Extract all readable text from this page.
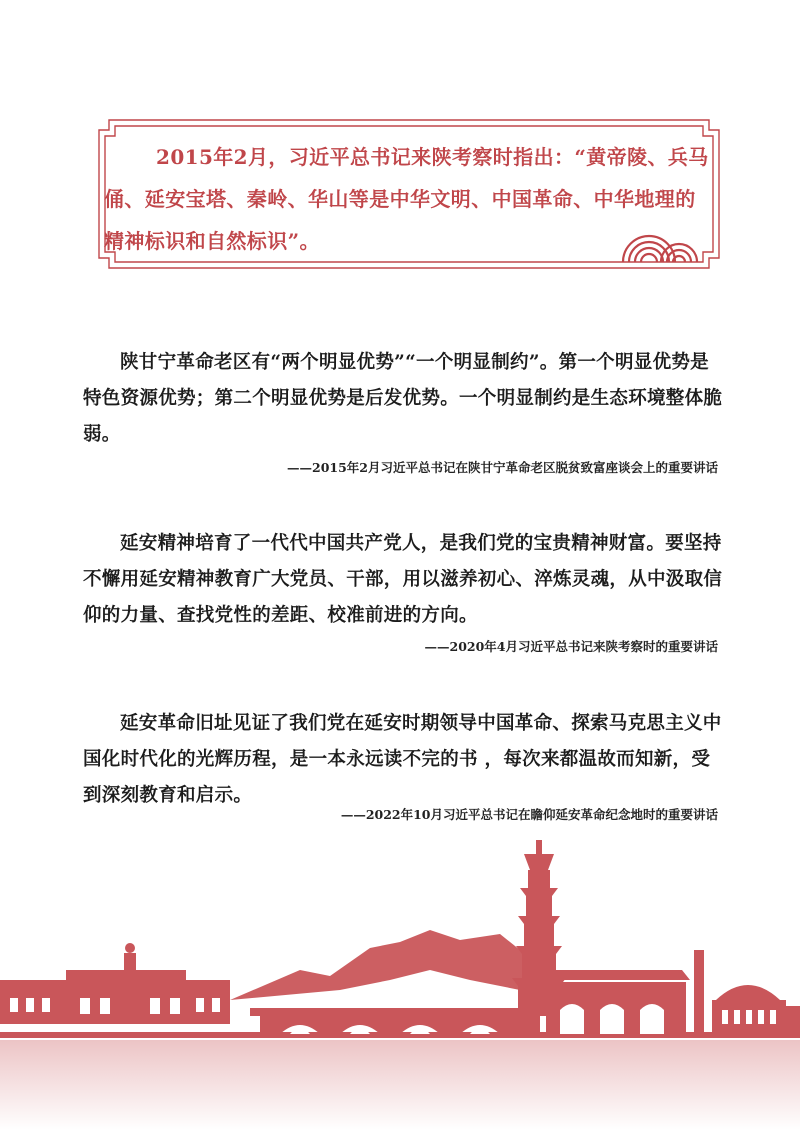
2015年2月，习近平总书记来陕考察时指出：“黄帝陵、兵马俑、延安宝塔、秦岭、华山等是中华文明、中国革命、中华地理的精神标识和自然标识”。

陕甘宁革命老区有“两个明显优势”“一个明显制约”。第一个明显优势是特色资源优势；第二个明显优势是后发优势。一个明显制约是生态环境整体脆弱。

——2015年2月习近平总书记在陕甘宁革命老区脱贫致富座谈会上的重要讲话

延安精神培育了一代代中国共产党人，是我们党的宝贵精神财富。要坚持不懈用延安精神教育广大党员、干部，用以滋养初心、淬炼灵魂，从中汲取信仰的力量、查找党性的差距、校准前进的方向。

——2020年4月习近平总书记来陕考察时的重要讲话

延安革命旧址见证了我们党在延安时期领导中国革命、探索马克思主义中国化时代化的光辉历程，是一本永远读不完的书 ，每次来都温故而知新，受到深刻教育和启示。

——2022年10月习近平总书记在瞻仰延安革命纪念地时的重要讲话
